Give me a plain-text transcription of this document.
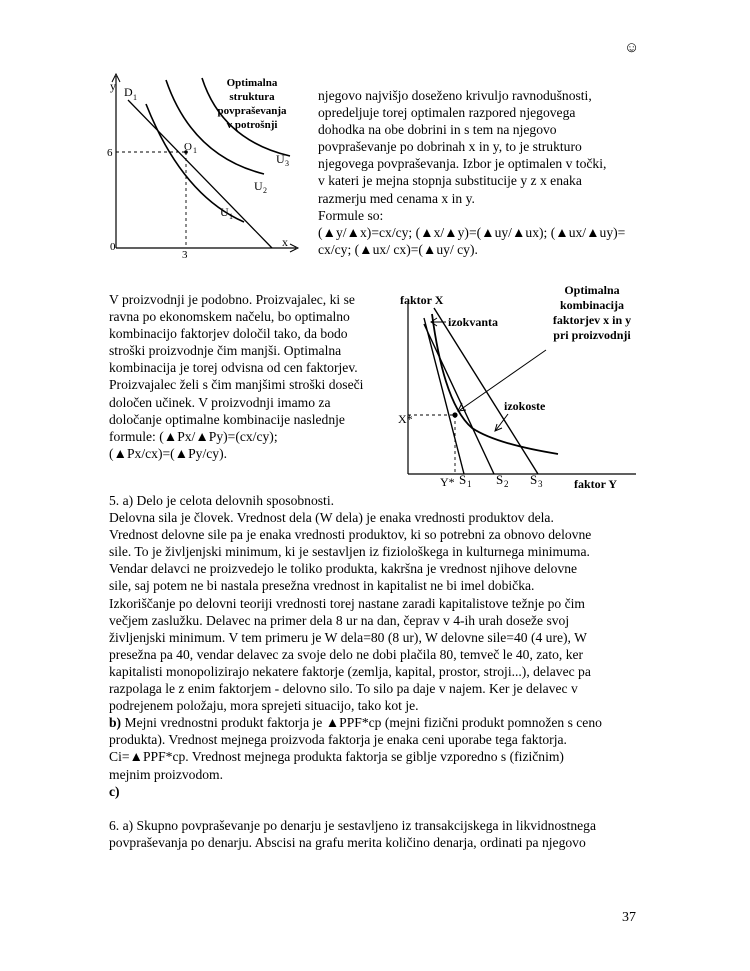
☺
y
x
0
D 1
O 1
6
3
U 1
U 2
U 3
Optimalna
struktura
povpraševanja
v potrošnji
njegovo najvišjo doseženo krivuljo ravnodušnosti,
opredeljuje torej optimalen razpored njegovega
dohodka na obe dobrini in s tem na njegovo
povpraševanje po dobrinah x in y, to je strukturo
njegovega povpraševanja. Izbor je optimalen v točki,
v kateri je mejna stopnja substitucije y z x enaka
razmerju med cenama x in y.
Formule so:
(▲y/▲x)=cx/cy; (▲x/▲y)=(▲uy/▲ux); (▲ux/▲uy)=
cx/cy; (▲ux/ cx)=(▲uy/ cy).
V proizvodnji je podobno. Proizvajalec, ki se
ravna po ekonomskem načelu, bo optimalno
kombinacijo faktorjev določil tako, da bodo
stroški proizvodnje čim manjši. Optimalna
kombinacija je torej odvisna od cen faktorjev.
Proizvajalec želi s čim manjšimi stroški doseči
določen učinek. V proizvodnji imamo za
določanje optimalne kombinacije naslednje
formule: (▲Px/▲Py)=(cx/cy);
(▲Px/cx)=(▲Py/cy).
faktor X
faktor Y
X*
Y* S 1 S 2 S 3
izokvanta
izokoste
Optimalna
kombinacija
faktorjev x in y
pri proizvodnji
5. a) Delo je celota delovnih sposobnosti.
Delovna sila je človek. Vrednost dela (W dela) je enaka vrednosti produktov dela.
Vrednost delovne sile pa je enaka vrednosti produktov, ki so potrebni za obnovo delovne
sile. To je življenjski minimum, ki je sestavljen iz fiziološkega in kulturnega minimuma.
Vendar delavci ne proizvedejo le toliko produkta, kakršna je vrednost njihove delovne
sile, saj potem ne bi nastala presežna vrednost in kapitalist ne bi imel dobička.
Izkoriščanje po delovni teoriji vrednosti torej nastane zaradi kapitalistove težnje po čim
večjem zaslužku. Delavec na primer dela 8 ur na dan, čeprav v 4-ih urah doseže svoj
življenjski minimum. V tem primeru je W dela=80 (8 ur), W delovne sile=40 (4 ure), W
presežna pa 40, vendar delavec za svoje delo ne dobi plačila 80, temveč le 40, zato, ker
kapitalisti monopolizirajo nekatere faktorje (zemlja, kapital, prostor, stroji...), delavec pa
razpolaga le z enim faktorjem - delovno silo. To silo pa daje v najem. Ker je delavec v
podrejenem položaju, mora sprejeti situacijo, tako kot je.
b) Mejni vrednostni produkt faktorja je ▲PPF*cp (mejni fizični produkt pomnožen s ceno
produkta). Vrednost mejnega proizvoda faktorja je enaka ceni uporabe tega faktorja.
Ci=▲PPF*cp. Vrednost mejnega produkta faktorja se giblje vzporedno s (fizičnim)
mejnim proizvodom.
c)
6. a) Skupno povpraševanje po denarju je sestavljeno iz transakcijskega in likvidnostnega
povpraševanja po denarju. Abscisi na grafu merita količino denarja, ordinati pa njegovo
37
